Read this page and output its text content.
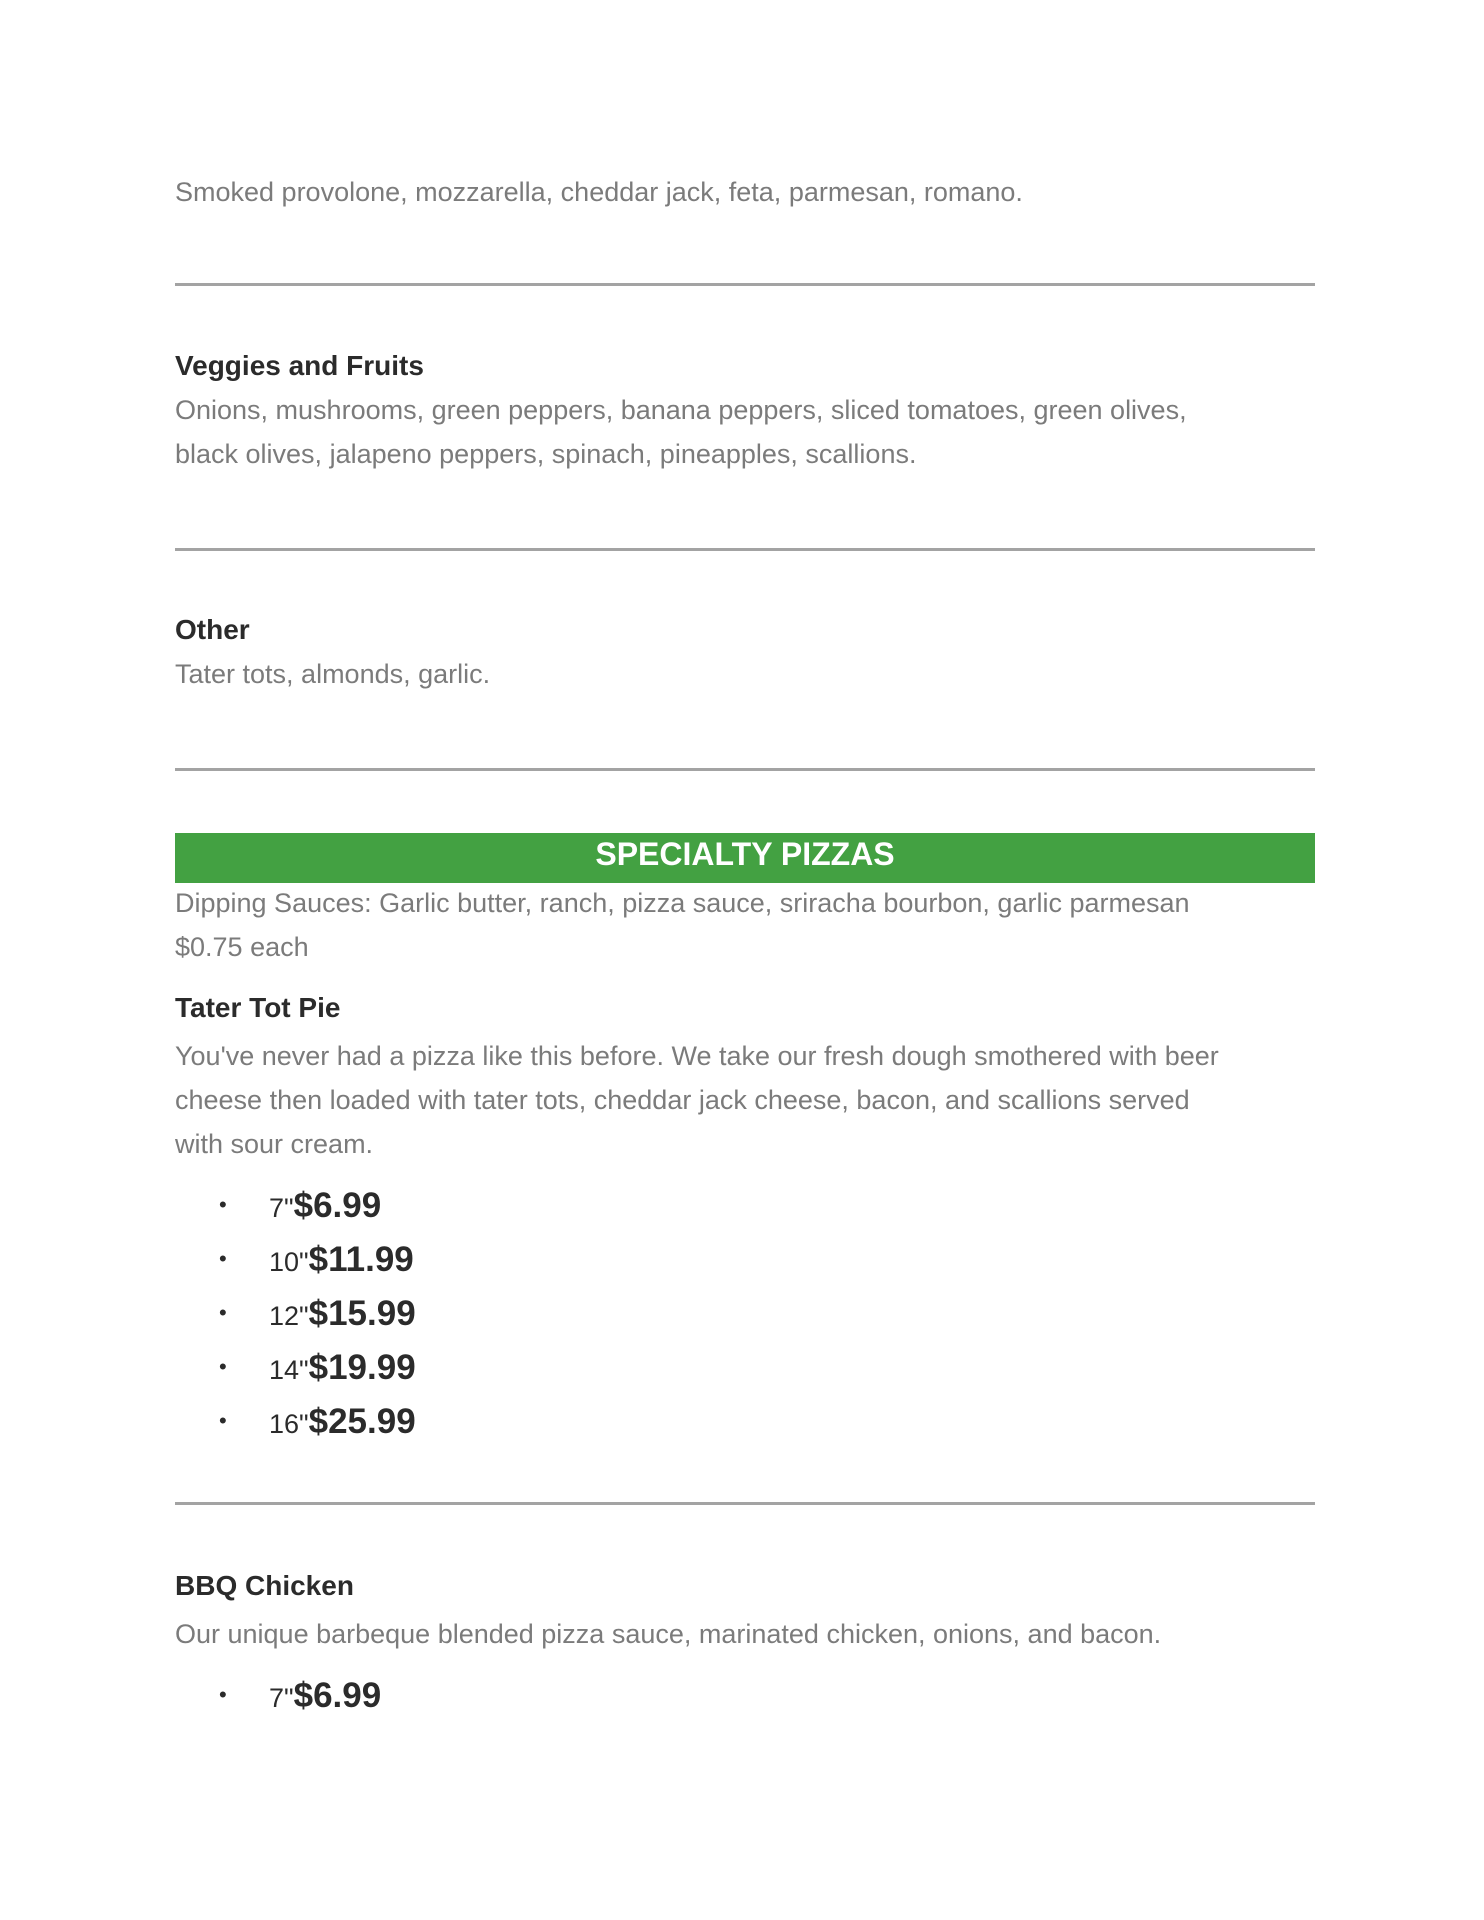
Smoked provolone, mozzarella, cheddar jack, feta, parmesan, romano.

Veggies and Fruits

Onions, mushrooms, green peppers, banana peppers, sliced tomatoes, green olives,

black olives, jalapeno peppers, spinach, pineapples, scallions.

Other

Tater tots, almonds, garlic.

SPECIALTY PIZZAS

Dipping Sauces: Garlic butter, ranch, pizza sauce, sriracha bourbon, garlic parmesan

$0.75 each

Tater Tot Pie

You've never had a pizza like this before. We take our fresh dough smothered with beer

cheese then loaded with tater tots, cheddar jack cheese, bacon, and scallions served

with sour cream.

• 7"$6.99
• 10"$11.99
• 12"$15.99
• 14"$19.99
• 16"$25.99

BBQ Chicken

Our unique barbeque blended pizza sauce, marinated chicken, onions, and bacon.

• 7"$6.99
